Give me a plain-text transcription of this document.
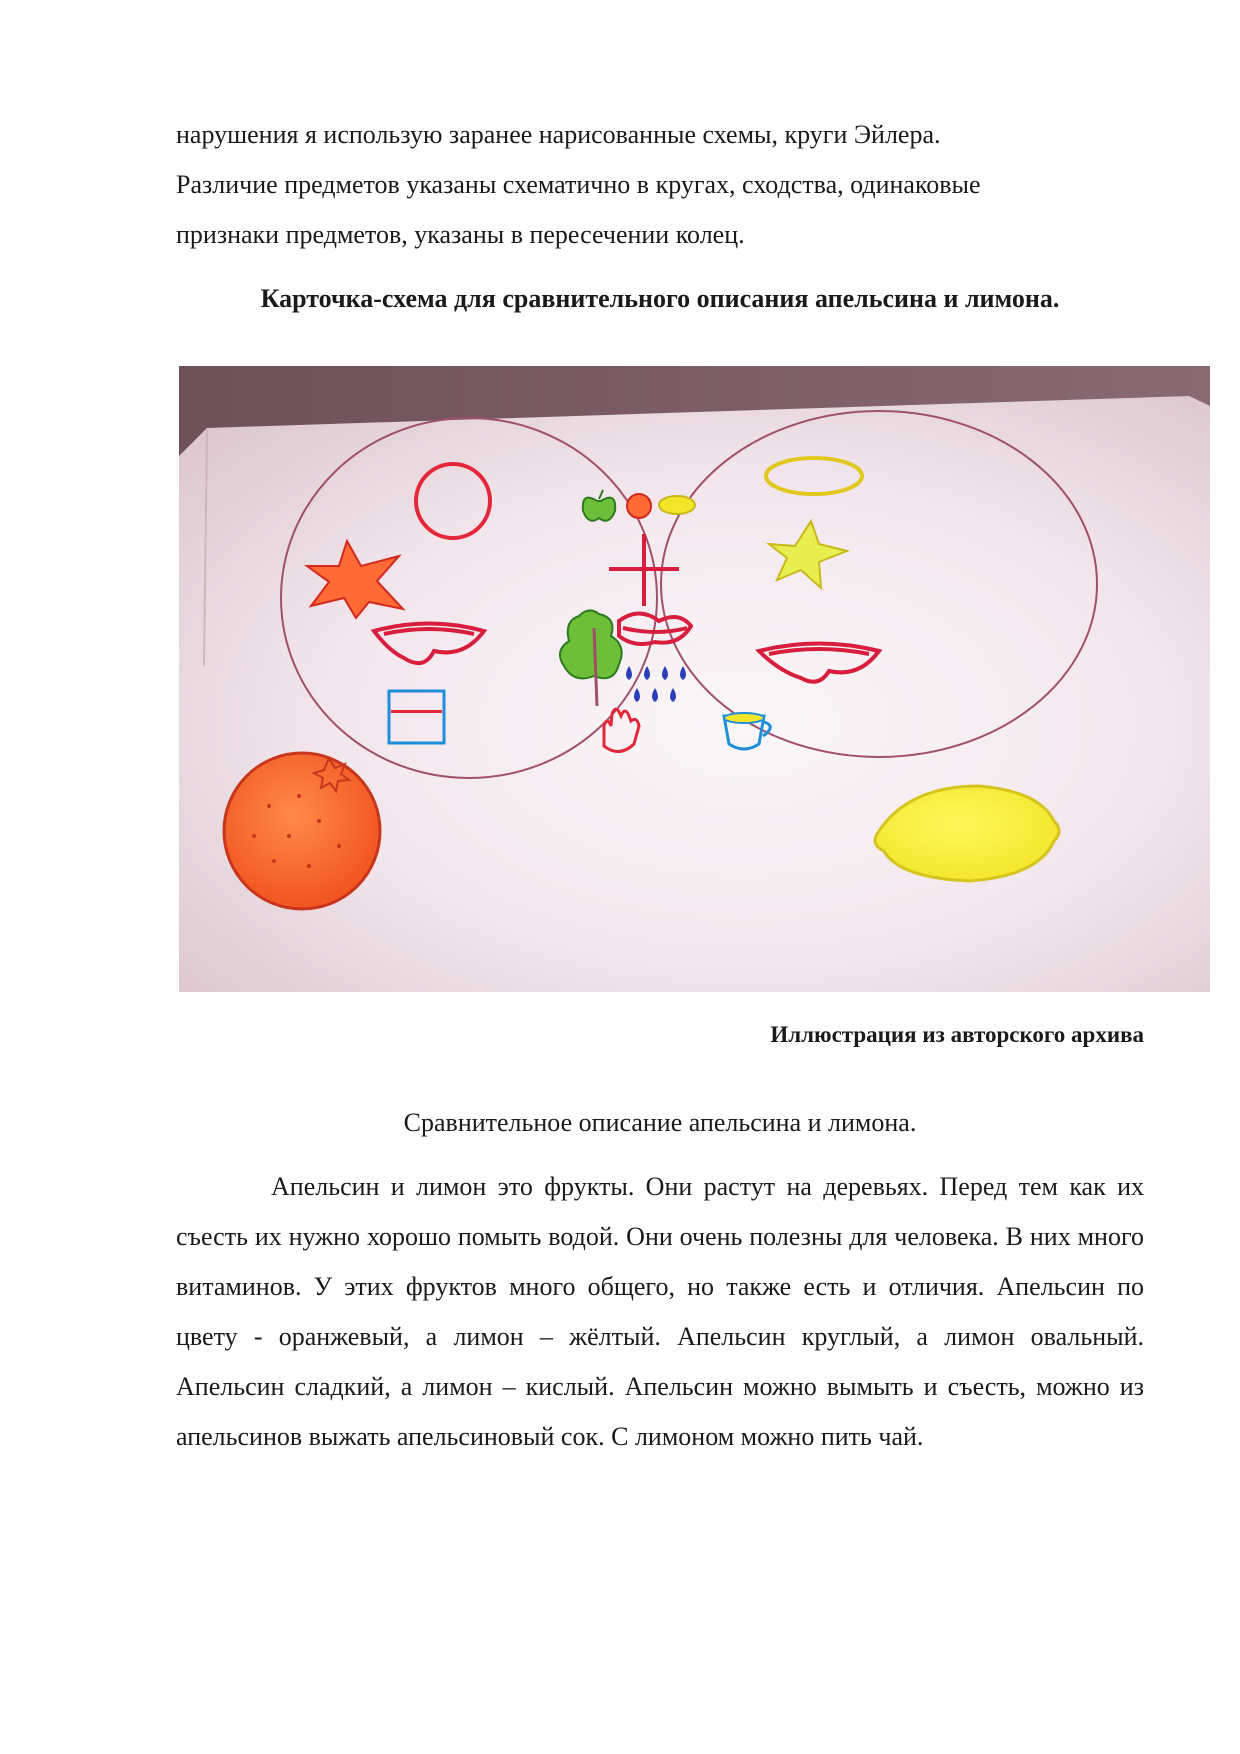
нарушения я использую заранее нарисованные схемы, круги Эйлера.
Различие предметов указаны схематично в кругах, сходства, одинаковые
признаки предметов, указаны в пересечении колец.

Карточка-схема для сравнительного описания апельсина и лимона.

Иллюстрация из авторского архива

Сравнительное описание апельсина и лимона.

Апельсин и лимон это фрукты. Они растут на деревьях. Перед тем как их съесть их нужно хорошо помыть водой. Они очень полезны для человека. В них много витаминов. У этих фруктов много общего, но также есть и отличия. Апельсин по цвету - оранжевый, а лимон – жёлтый. Апельсин круглый, а лимон овальный. Апельсин сладкий, а лимон – кислый. Апельсин можно вымыть и съесть, можно из апельсинов выжать апельсиновый сок. С лимоном можно пить чай.
